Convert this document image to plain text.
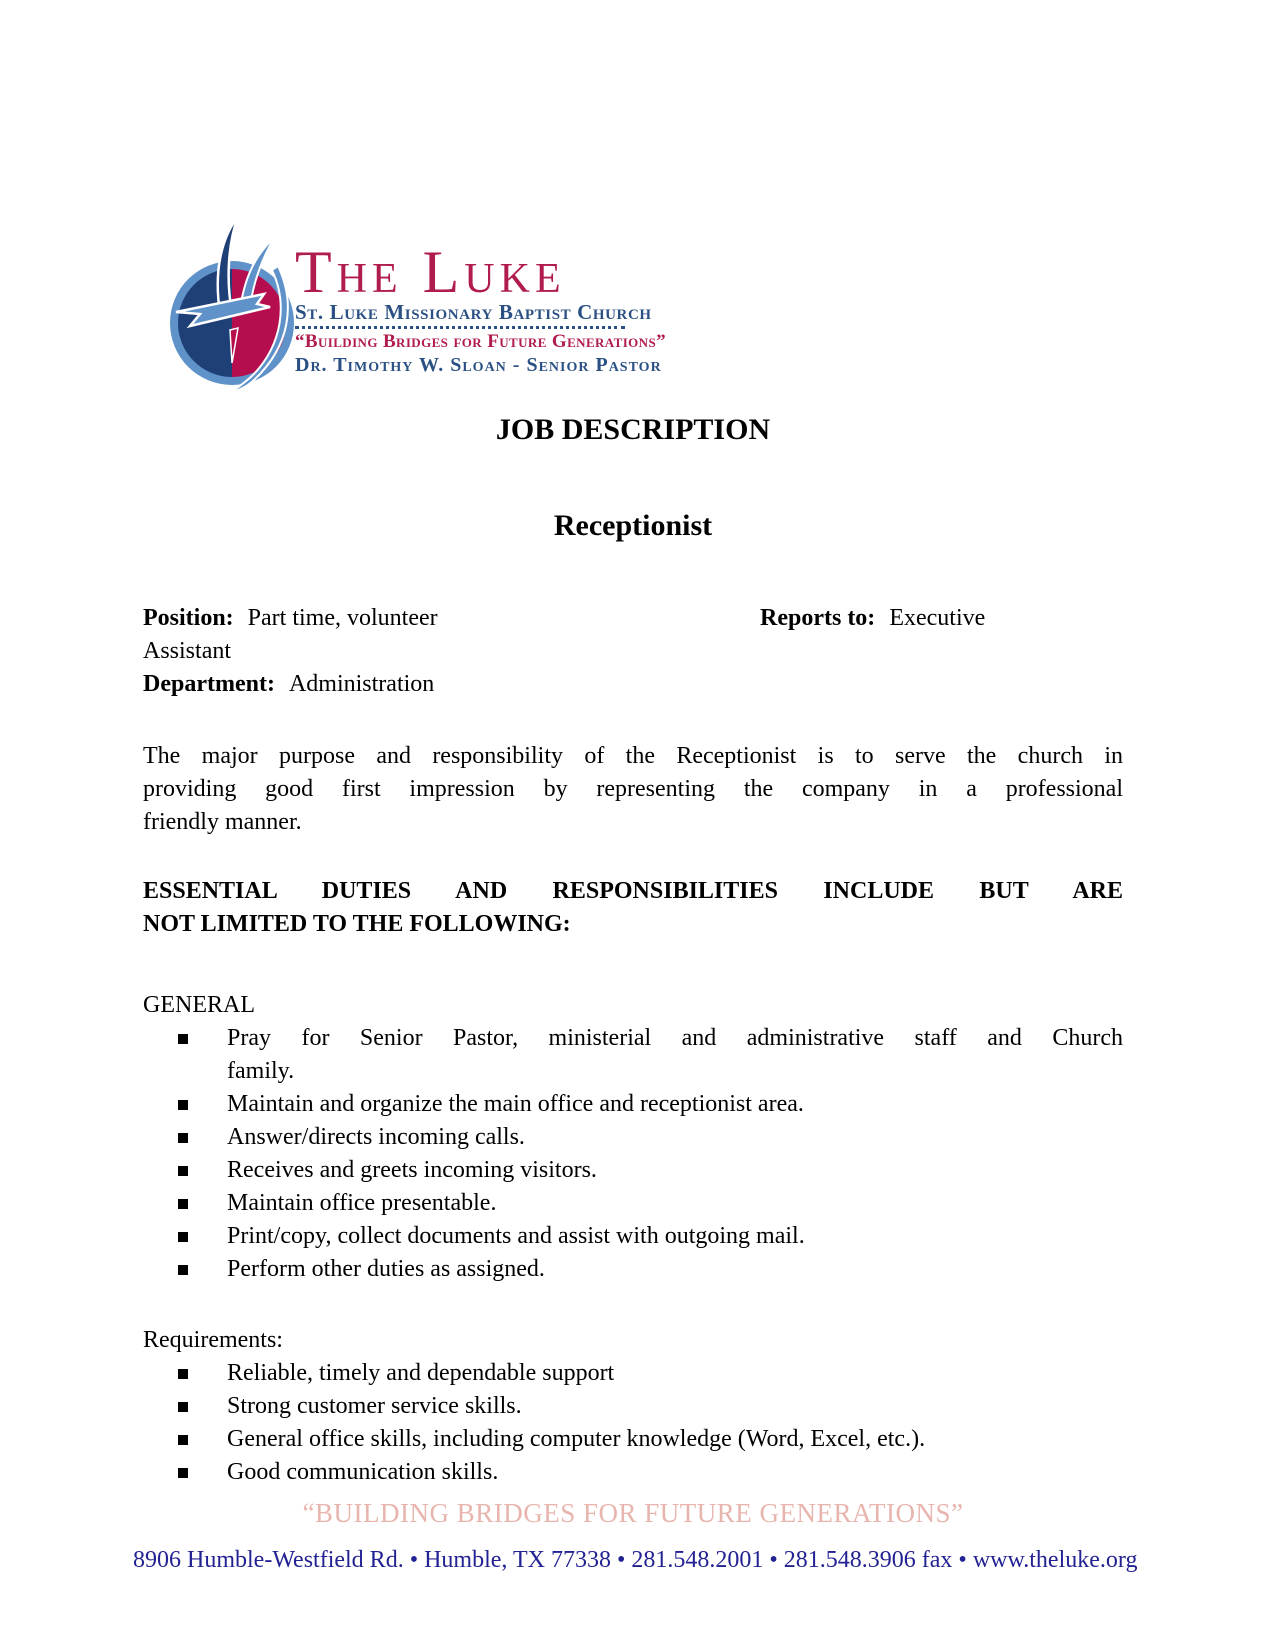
The Luke
St. Luke Missionary Baptist Church
“Building Bridges for Future Generations”
Dr. Timothy W. Sloan - Senior Pastor
JOB DESCRIPTION
Receptionist
Position: Part time, volunteer	Reports to: Executive
Assistant
Department: Administration
The major purpose and responsibility of the Receptionist is to serve the church in
providing good first impression by representing the company in a professional
friendly manner.
ESSENTIAL DUTIES AND RESPONSIBILITIES INCLUDE BUT ARE
NOT LIMITED TO THE FOLLOWING:
GENERAL
Pray for Senior Pastor, ministerial and administrative staff and Church
family.
Maintain and organize the main office and receptionist area.
Answer/directs incoming calls.
Receives and greets incoming visitors.
Maintain office presentable.
Print/copy, collect documents and assist with outgoing mail.
Perform other duties as assigned.
Requirements:
Reliable, timely and dependable support
Strong customer service skills.
General office skills, including computer knowledge (Word, Excel, etc.).
Good communication skills.
“BUILDING BRIDGES FOR FUTURE GENERATIONS”
8906 Humble-Westfield Rd. • Humble, TX 77338 • 281.548.2001 • 281.548.3906 fax • www.theluke.org
